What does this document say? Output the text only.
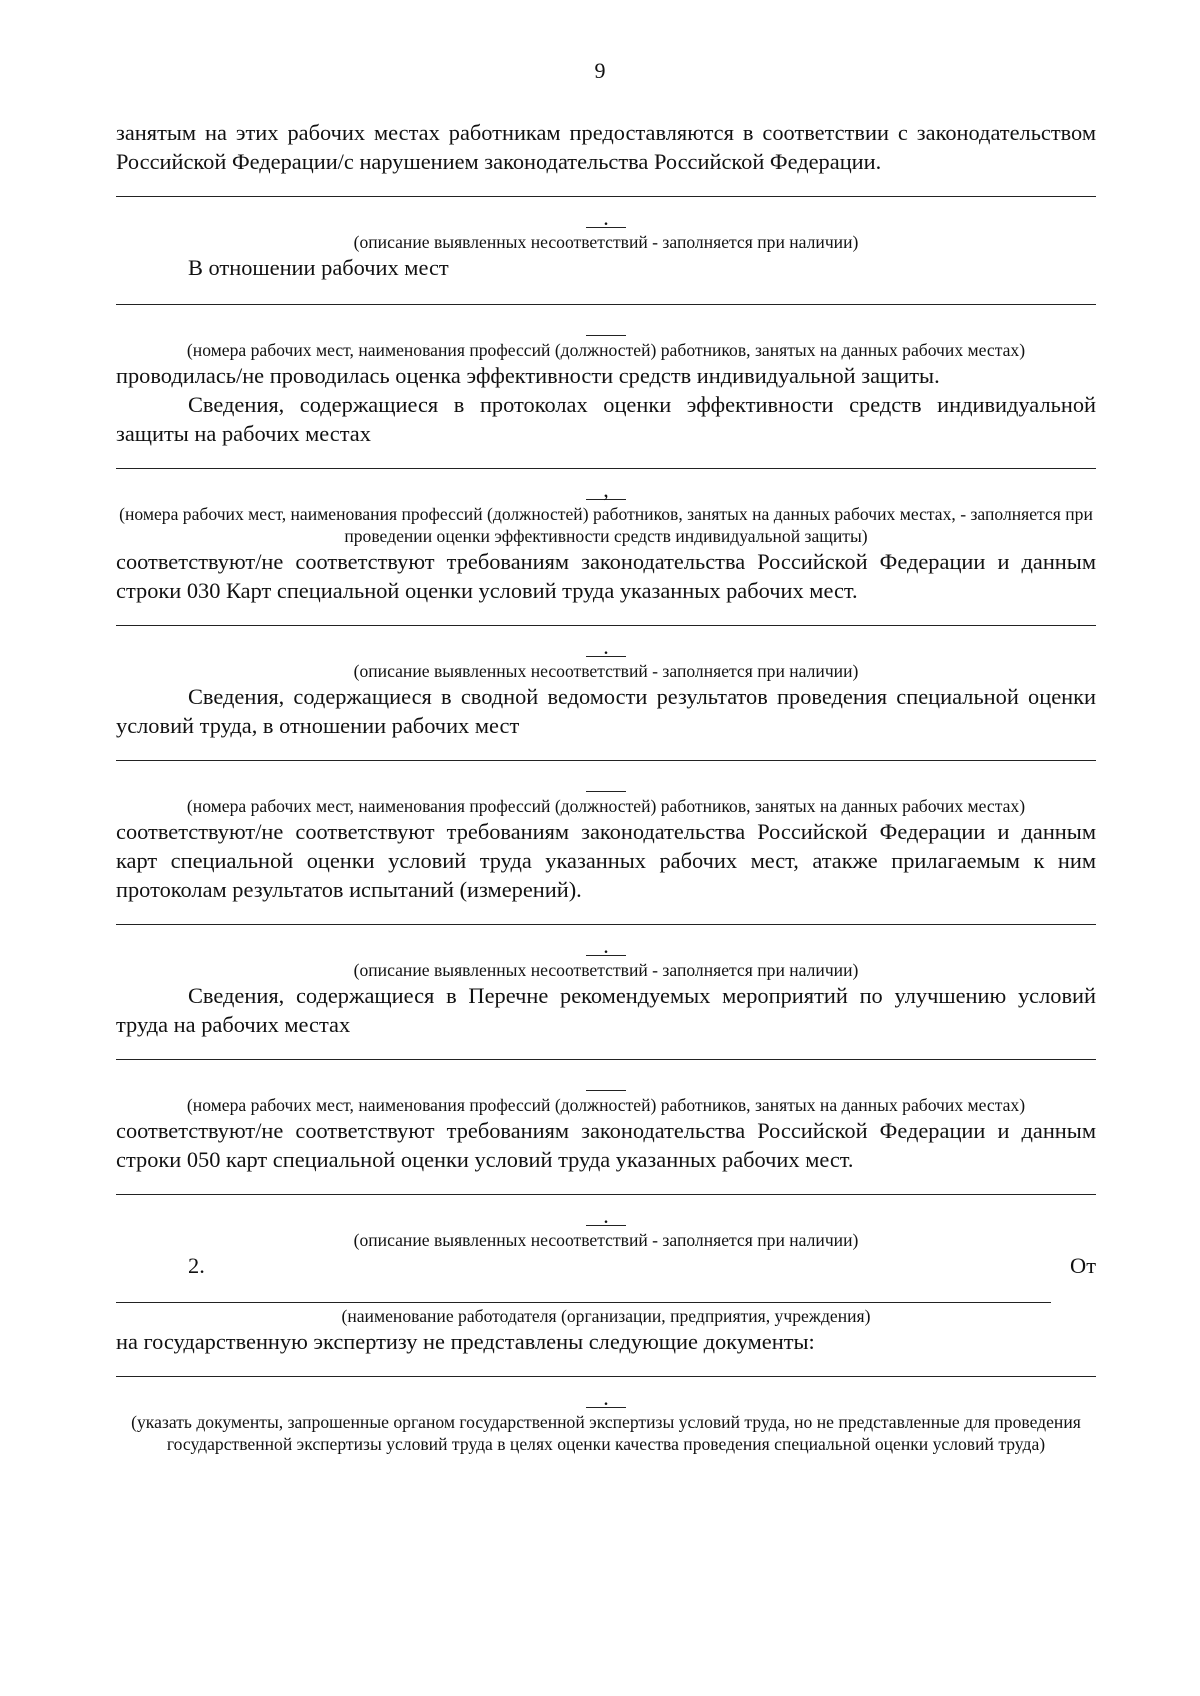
9

занятым на этих рабочих местах работникам предоставляются в соответствии с законодательством Российской Федерации/с нарушением законодательства Российской Федерации.

.

(описание выявленных несоответствий - заполняется при наличии)

В отношении рабочих мест

(номера рабочих мест, наименования профессий (должностей) работников, занятых на данных рабочих местах)

проводилась/не проводилась оценка эффективности средств индивидуальной защиты.

Сведения, содержащиеся в протоколах оценки эффективности средств индивидуальной защиты на рабочих местах

,

(номера рабочих мест, наименования профессий (должностей) работников, занятых на данных рабочих местах, - заполняется при проведении оценки эффективности средств индивидуальной защиты)

соответствуют/не соответствуют требованиям законодательства Российской Федерации и данным строки 030 Карт специальной оценки условий труда указанных рабочих мест.

.

(описание выявленных несоответствий - заполняется при наличии)

Сведения, содержащиеся в сводной ведомости результатов проведения специальной оценки условий труда, в отношении рабочих мест

(номера рабочих мест, наименования профессий (должностей) работников, занятых на данных рабочих местах)

соответствуют/не соответствуют требованиям законодательства Российской Федерации и данным карт специальной оценки условий труда указанных рабочих мест, атакже прилагаемым к ним протоколам результатов испытаний (измерений).

.

(описание выявленных несоответствий - заполняется при наличии)

Сведения, содержащиеся в Перечне рекомендуемых мероприятий по улучшению условий труда на рабочих местах

(номера рабочих мест, наименования профессий (должностей) работников, занятых на данных рабочих местах)

соответствуют/не соответствуют требованиям законодательства Российской Федерации и данным строки 050 карт специальной оценки условий труда указанных рабочих мест.

.

(описание выявленных несоответствий - заполняется при наличии)

2.	От

(наименование работодателя (организации, предприятия, учреждения)

на государственную экспертизу не представлены следующие документы:

.

(указать документы, запрошенные органом государственной экспертизы условий труда, но не представленные для проведения государственной экспертизы условий труда в целях оценки качества проведения специальной оценки условий труда)
